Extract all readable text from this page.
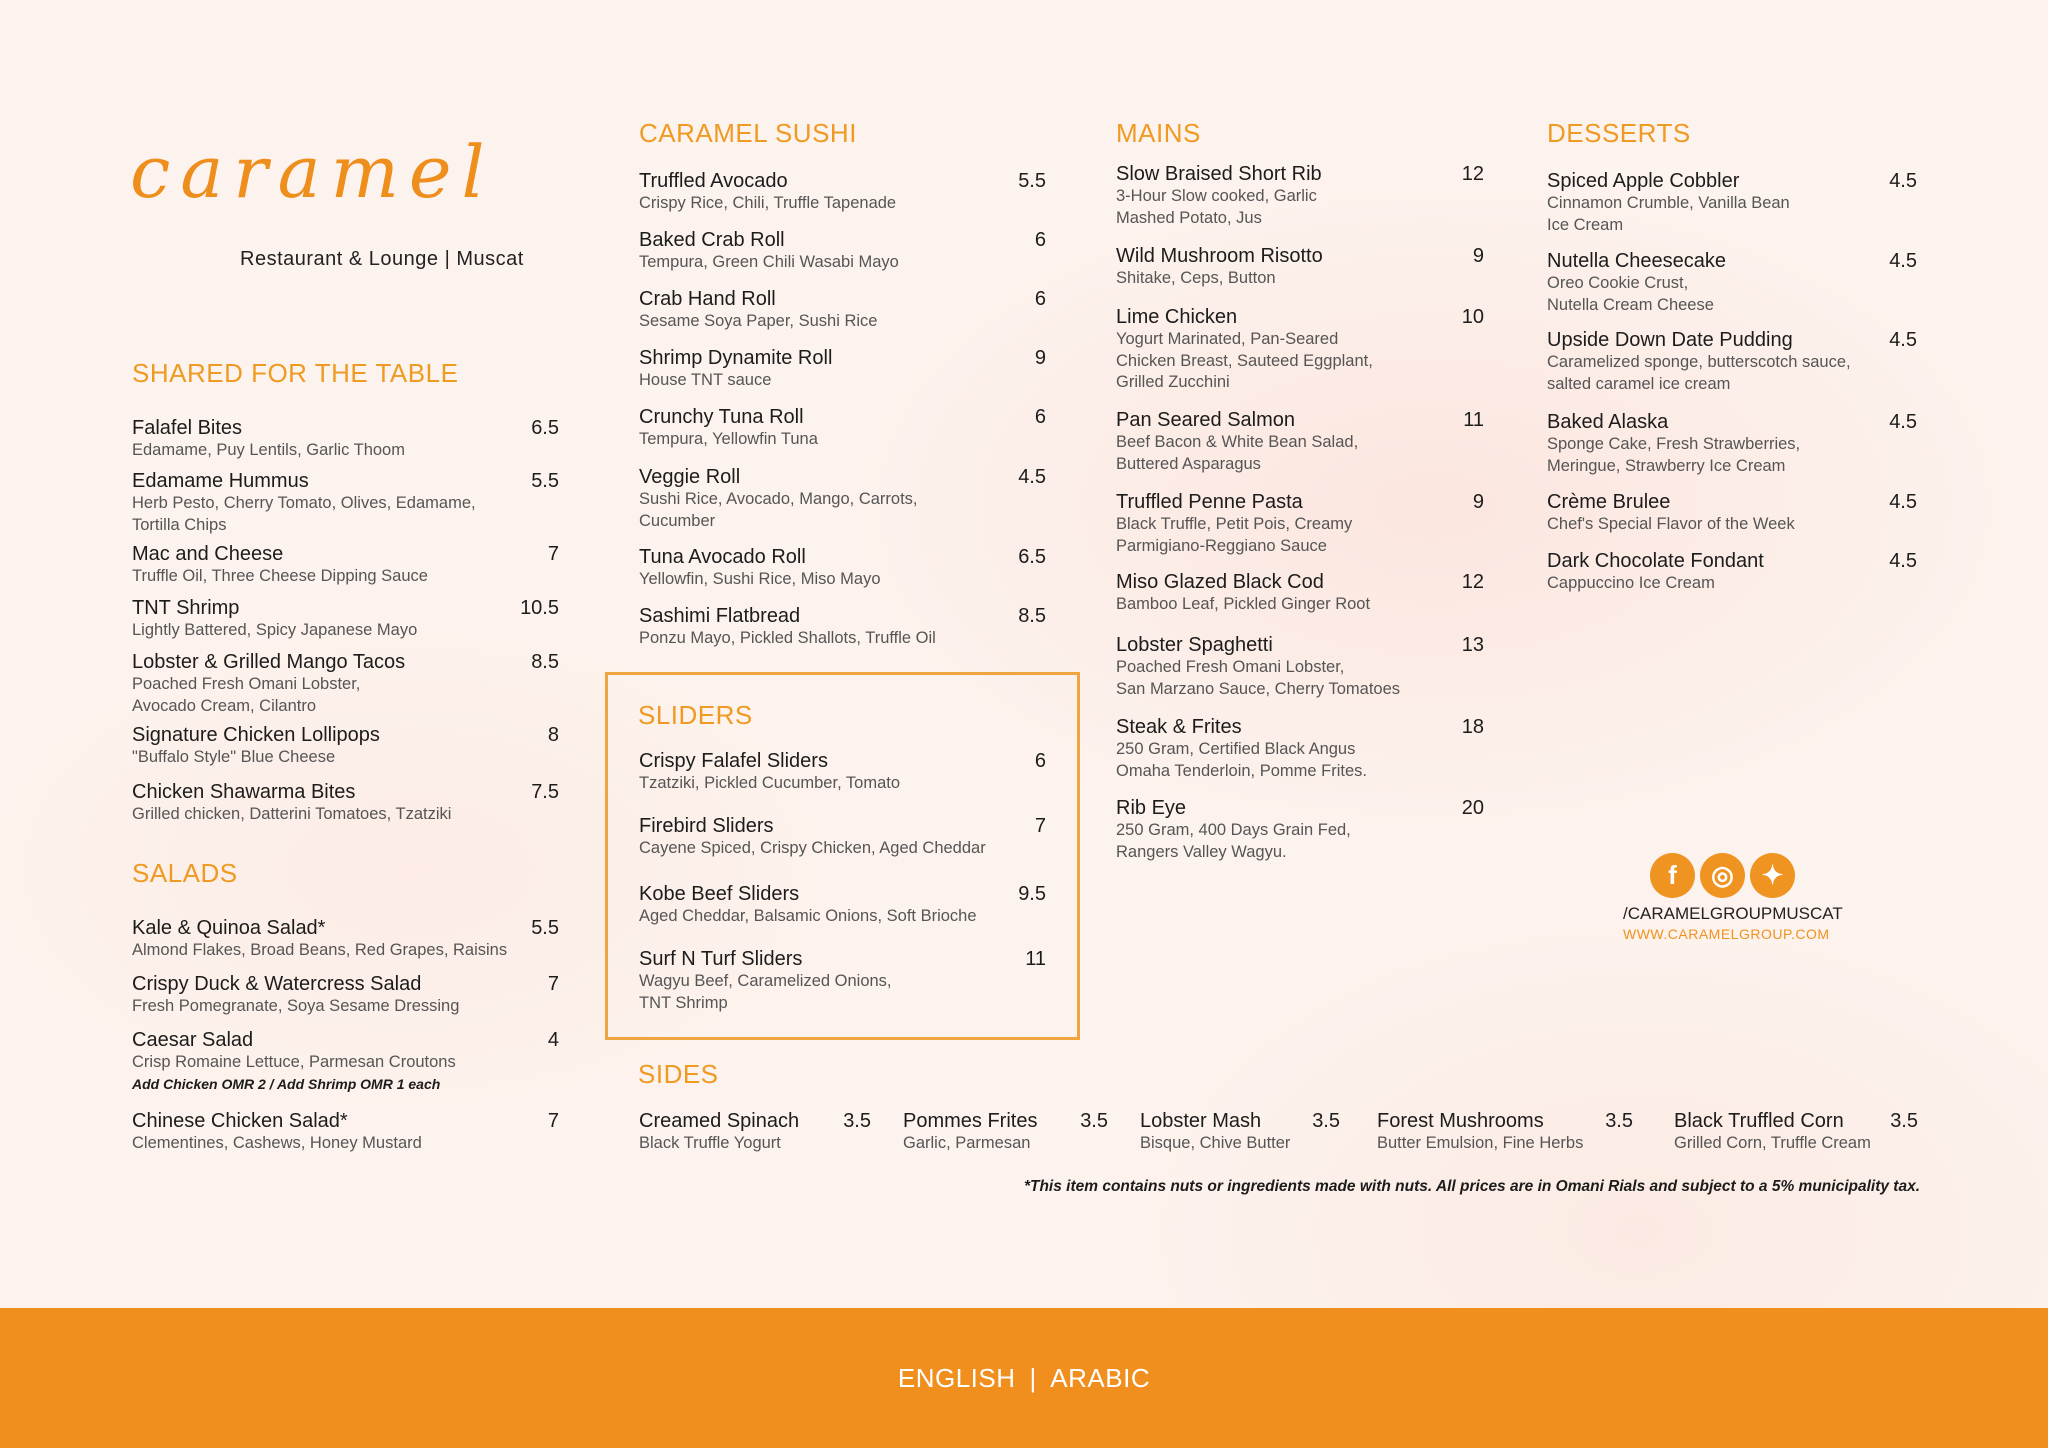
caramel
Restaurant & Lounge | Muscat
SHARED FOR THE TABLE
SALADS
CARAMEL SUSHI
SLIDERS
SIDES
MAINS	DESSERTS
Falafel Bites	6.5
Edamame, Puy Lentils, Garlic Thoom
Edamame Hummus	5.5
Herb Pesto, Cherry Tomato, Olives, Edamame,
Tortilla Chips
Mac and Cheese	7
Truffle Oil, Three Cheese Dipping Sauce
TNT Shrimp	10.5
Lightly Battered, Spicy Japanese Mayo
Lobster & Grilled Mango Tacos	8.5
Poached Fresh Omani Lobster,
Avocado Cream, Cilantro
Signature Chicken Lollipops	8
"Buffalo Style" Blue Cheese
Chicken Shawarma Bites	7.5
Grilled chicken, Datterini Tomatoes, Tzatziki
Kale & Quinoa Salad*	5.5
Almond Flakes, Broad Beans, Red Grapes, Raisins
Crispy Duck & Watercress Salad	7
Fresh Pomegranate, Soya Sesame Dressing
Caesar Salad	4
Crisp Romaine Lettuce, Parmesan Croutons
Add Chicken OMR 2 / Add Shrimp OMR 1 each
Chinese Chicken Salad*	7
Clementines, Cashews, Honey Mustard
Truffled Avocado	5.5
Crispy Rice, Chili, Truffle Tapenade
Baked Crab Roll	6
Tempura, Green Chili Wasabi Mayo
Crab Hand Roll	6
Sesame Soya Paper, Sushi Rice
Shrimp Dynamite Roll	9
House TNT sauce
Crunchy Tuna Roll	6
Tempura, Yellowfin Tuna
Veggie Roll	4.5
Sushi Rice, Avocado, Mango, Carrots,
Cucumber
Tuna Avocado Roll	6.5
Yellowfin, Sushi Rice, Miso Mayo
Sashimi Flatbread	8.5
Ponzu Mayo, Pickled Shallots, Truffle Oil
Crispy Falafel Sliders	6
Tzatziki, Pickled Cucumber, Tomato
Firebird Sliders	7
Cayene Spiced, Crispy Chicken, Aged Cheddar
Kobe Beef Sliders	9.5
Aged Cheddar, Balsamic Onions, Soft Brioche
Surf N Turf Sliders	11
Wagyu Beef, Caramelized Onions,
TNT Shrimp
Slow Braised Short Rib	12
3-Hour Slow cooked, Garlic
Mashed Potato, Jus
Wild Mushroom Risotto	9
Shitake, Ceps, Button
Lime Chicken	10
Yogurt Marinated, Pan-Seared
Chicken Breast, Sauteed Eggplant,
Grilled Zucchini
Pan Seared Salmon	11
Beef Bacon & White Bean Salad,
Buttered Asparagus
Truffled Penne Pasta	9
Black Truffle, Petit Pois, Creamy
Parmigiano-Reggiano Sauce
Miso Glazed Black Cod	12
Bamboo Leaf, Pickled Ginger Root
Lobster Spaghetti	13
Poached Fresh Omani Lobster,
San Marzano Sauce, Cherry Tomatoes
Steak & Frites	18
250 Gram, Certified Black Angus
Omaha Tenderloin, Pomme Frites.
Rib Eye	20
250 Gram, 400 Days Grain Fed,
Rangers Valley Wagyu.
Spiced Apple Cobbler	4.5
Cinnamon Crumble, Vanilla Bean
Ice Cream
Nutella Cheesecake	4.5
Oreo Cookie Crust,
Nutella Cream Cheese
Upside Down Date Pudding	4.5
Caramelized sponge, butterscotch sauce,
salted caramel ice cream
Baked Alaska	4.5
Sponge Cake, Fresh Strawberries,
Meringue, Strawberry Ice Cream
Crème Brulee	4.5
Chef's Special Flavor of the Week
Dark Chocolate Fondant	4.5
Cappuccino Ice Cream
Creamed Spinach	3.5
Black Truffle Yogurt
Pommes Frites	3.5
Garlic, Parmesan
Lobster Mash	3.5
Bisque, Chive Butter
Forest Mushrooms	3.5
Butter Emulsion, Fine Herbs
Black Truffled Corn	3.5
Grilled Corn, Truffle Cream
f	◎	✦
/CARAMELGROUPMUSCAT
WWW.CARAMELGROUP.COM
*This item contains nuts or ingredients made with nuts. All prices are in Omani Rials and subject to a 5% municipality tax.
ENGLISH | ARABIC
